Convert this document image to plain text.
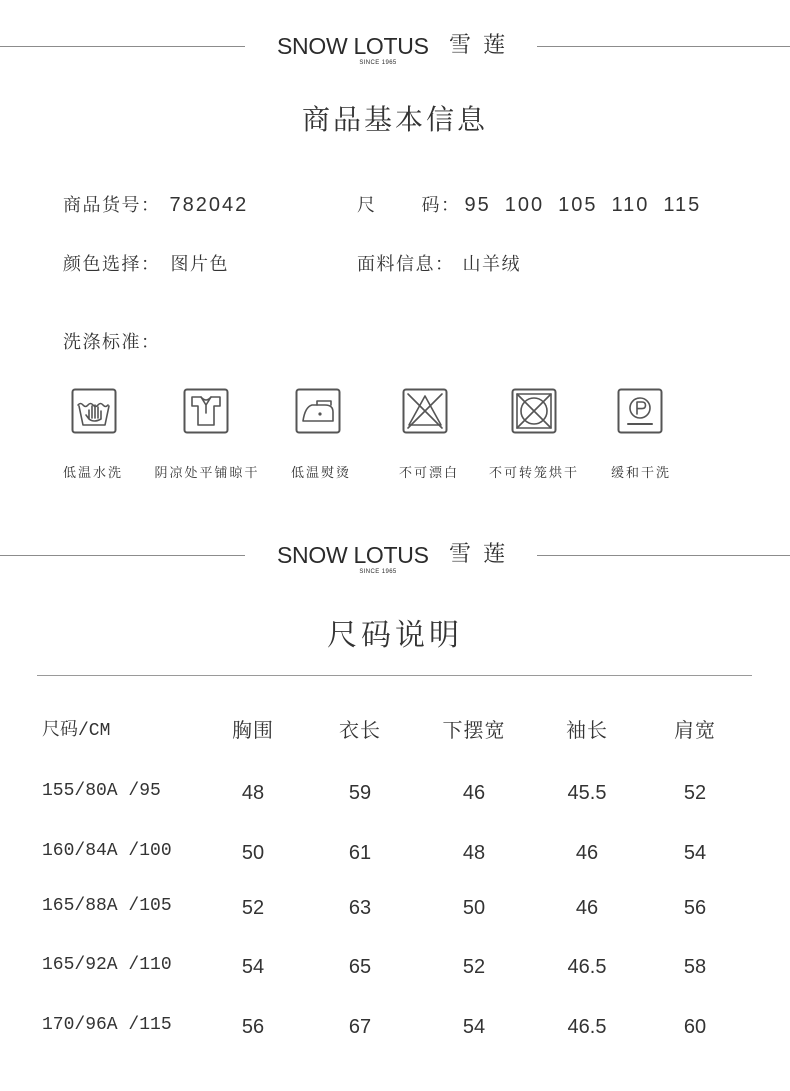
SNOW LOTUS
SINCE 1965
雪 莲
商品基本信息
商品货号： 782042	尺	码： 95 100 105 110 115
颜色选择： 图片色	面料信息： 山羊绒
洗涤标准：
低温水洗	阴凉处平铺晾干	低温熨烫	不可漂白	不可转笼烘干	缓和干洗
SNOW LOTUS
SINCE 1965
雪 莲
尺码说明
尺码/CM	胸围	衣长	下摆宽	袖长	肩宽
155/80A /95	48	59	46	45.5	52
160/84A /100	50	61	48	46	54
165/88A /105	52	63	50	46	56
165/92A /110	54	65	52	46.5	58
170/96A /115	56	67	54	46.5	60
